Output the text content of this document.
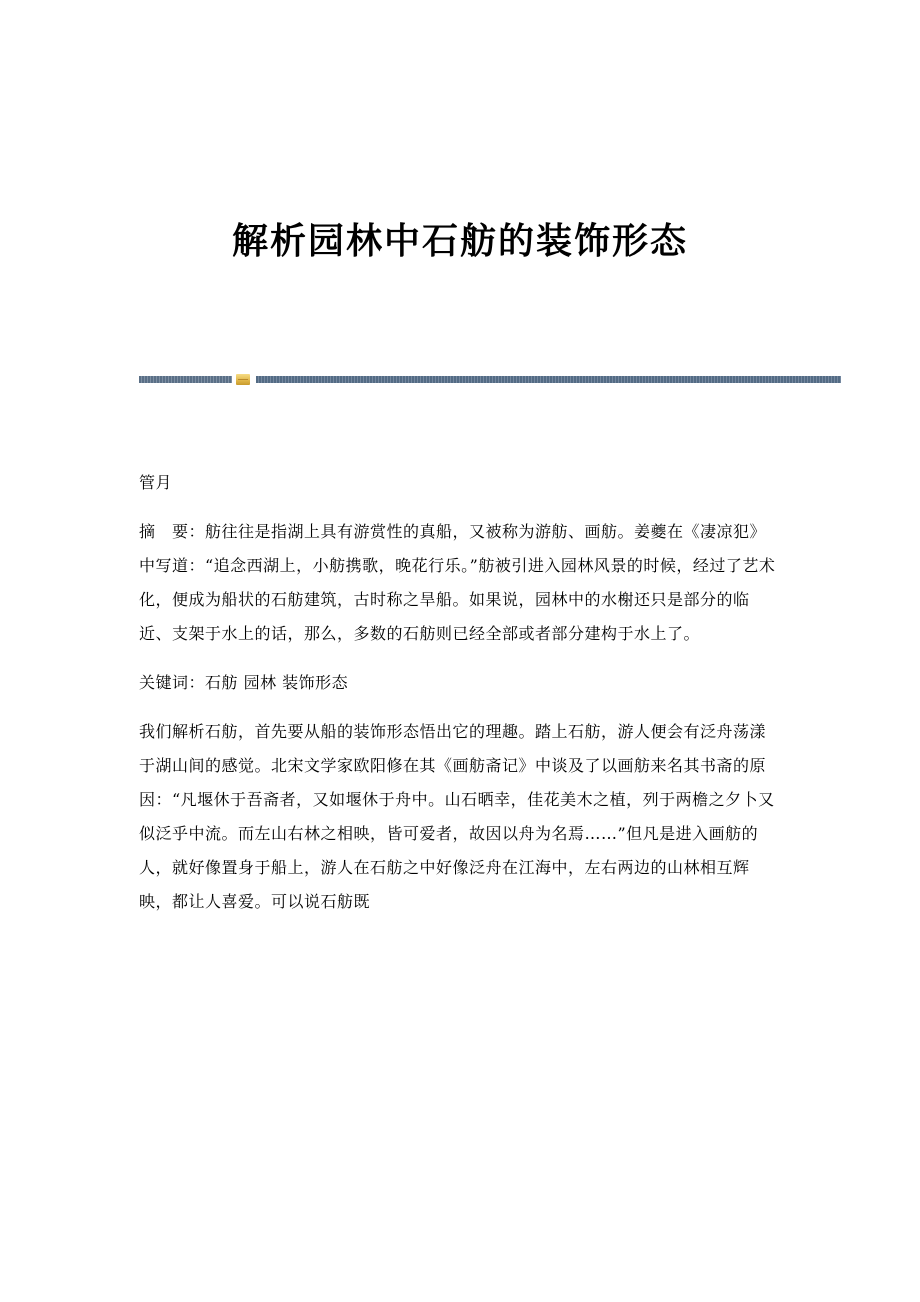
解析园林中石舫的装饰形态

管月

摘　要：舫往往是指湖上具有游赏性的真船，又被称为游舫、画舫。姜夔在《凄凉犯》中写道：“追念西湖上，小舫携歌，晚花行乐。”舫被引进入园林风景的时候，经过了艺术化，便成为船状的石舫建筑，古时称之旱船。如果说，园林中的水榭还只是部分的临近、支架于水上的话，那么，多数的石舫则已经全部或者部分建构于水上了。

关键词：石舫 园林 装饰形态

我们解析石舫，首先要从船的装饰形态悟出它的理趣。踏上石舫，游人便会有泛舟荡漾于湖山间的感觉。北宋文学家欧阳修在其《画舫斋记》中谈及了以画舫来名其书斋的原因：“凡堰休于吾斋者，又如堰休于舟中。山石晒幸，佳花美木之植，列于两檐之夕卜又似泛乎中流。而左山右林之相映，皆可爱者，故因以舟为名焉……”但凡是进入画舫的人，就好像置身于船上，游人在石舫之中好像泛舟在江海中，左右两边的山林相互辉映，都让人喜爱。可以说石舫既
